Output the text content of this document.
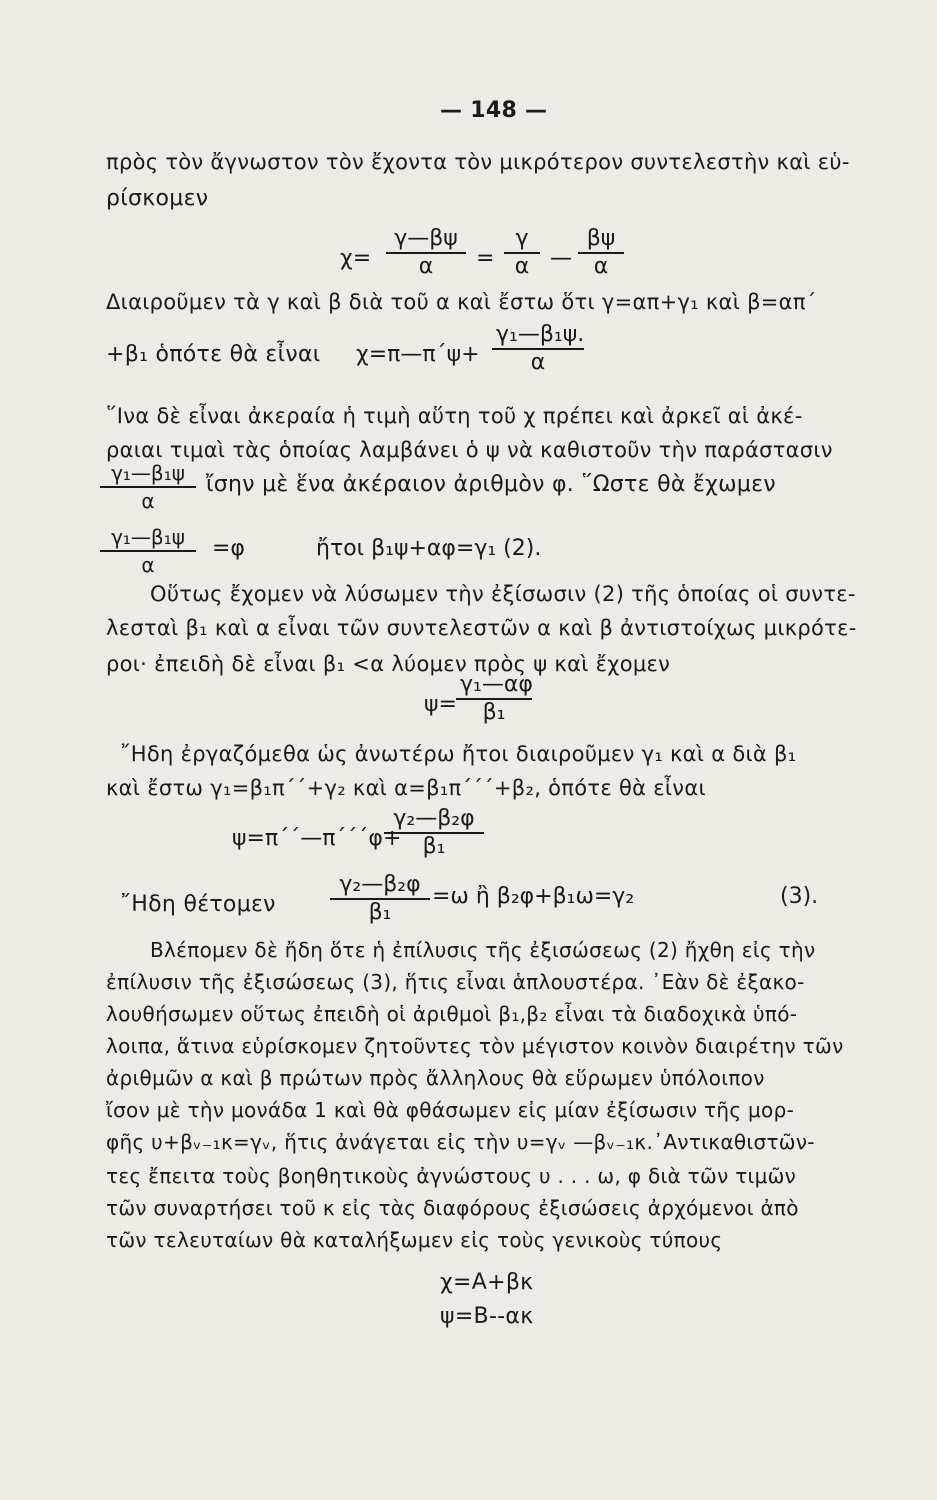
— 148 —
πρὸς τὸν ἄγνωστον τὸν ἔχοντα τὸν μικρότερον συντελεστὴν καὶ εὑ-
ρίσκομεν
$\chi= \frac{\gamma—\beta\psi}{\alpha} = \frac{\gamma}{\alpha}$ — $\frac{\beta\psi}{\alpha}$
Διαιροῦμεν τὰ γ καὶ β διὰ τοῦ α καὶ ἔστω ὅτι γ=απ+γ₁ καὶ β=απ΄
+β₁ ὁπότε θὰ εἶναι χ=π—π΄ψ+ $\frac{\text{γ₁—β₁ψ.}}{\alpha}$
῞Ινα δὲ εἶναι ἀκεραία ἡ τιμὴ αὕτη τοῦ χ πρέπει καὶ ἀρκεῖ αἱ ἀκέ-
ραιαι τιμαὶ τὰς ὁποίας λαμβάνει ὁ ψ νὰ καθιστοῦν τὴν παράστασιν
$\frac{\text{γ₁—β₁ψ}}{\alpha}$ ἴσην μὲ ἕνα ἀκέραιον ἀριθμὸν φ. ῞Ωστε θὰ ἔχωμεν
$\frac{\text{γ₁—β₁ψ}}{\alpha} =\varphi$	ἤτοι β₁ψ+αφ=γ₁ (2).
Οὕτως ἔχομεν νὰ λύσωμεν τὴν ἐξίσωσιν (2) τῆς ὁποίας οἱ συντε-
λεσταὶ β₁ καὶ α εἶναι τῶν συντελεστῶν α καὶ β ἀντιστοίχως μικρότε-
ροι· ἐπειδὴ δὲ εἶναι β₁ <α λύομεν πρὸς ψ καὶ ἔχομεν
$\psi= \frac{\text{γ₁—αφ}}{\text{β₁}}$
῎Ηδη ἐργαζόμεθα ὡς ἀνωτέρω ἤτοι διαιροῦμεν γ₁ καὶ α διὰ β₁
καὶ ἔστω γ₁=β₁π΄΄+γ₂ καὶ α=β₁π΄΄΄+β₂, ὁπότε θὰ εἶναι
ψ=π΄΄—π΄΄΄φ+
$\frac{\text{γ₂—β₂φ}}{\text{β₁}}$
῎Ηδη θέτομεν $\frac{\text{γ₂—β₂φ}}{\text{β₁}} =\omega$ ἢ β₂φ+β₁ω=γ₂	(3).
Βλέπομεν δὲ ἤδη ὅτε ἡ ἐπίλυσις τῆς ἐξισώσεως (2) ἤχθη εἰς τὴν
ἐπίλυσιν τῆς ἐξισώσεως (3), ἥτις εἶναι ἁπλουστέρα. ᾽Εὰν δὲ ἐξακο-
λουθήσωμεν οὕτως ἐπειδὴ οἱ ἀριθμοὶ β₁,β₂ εἶναι τὰ διαδοχικὰ ὑπό-
λοιπα, ἅτινα εὑρίσκομεν ζητοῦντες τὸν μέγιστον κοινὸν διαιρέτην τῶν
ἀριθμῶν α καὶ β πρώτων πρὸς ἄλληλους θὰ εὕρωμεν ὑπόλοιπον
ἴσον μὲ τὴν μονάδα 1 καὶ θὰ φθάσωμεν εἰς μίαν ἐξίσωσιν τῆς μορ-
φῆς υ+βᵥ₋₁κ=γᵥ, ἥτις ἀνάγεται εἰς τὴν υ=γᵥ —βᵥ₋₁κ.᾽Αντικαθιστῶν-
τες ἔπειτα τοὺς βοηθητικοὺς ἀγνώστους υ . . . ω, φ διὰ τῶν τιμῶν
τῶν συναρτήσει τοῦ κ εἰς τὰς διαφόρους ἐξισώσεις ἀρχόμενοι ἀπὸ
τῶν τελευταίων θὰ καταλήξωμεν εἰς τοὺς γενικοὺς τύπους
χ=Α+βκ
ψ=Β--ακ
